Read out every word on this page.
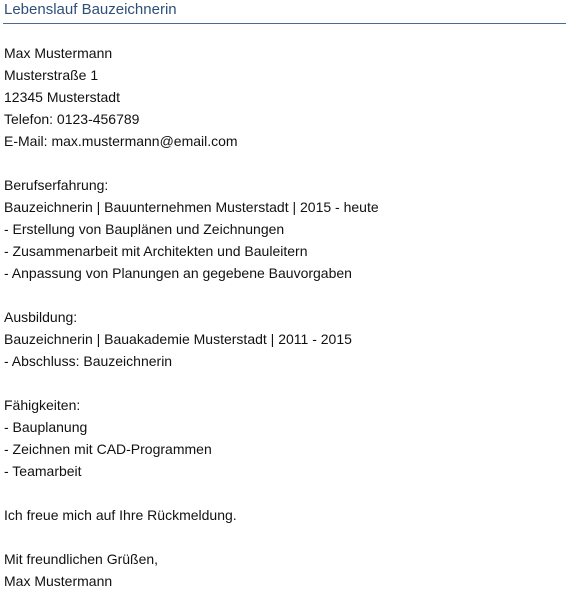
Lebenslauf Bauzeichnerin
Max Mustermann
Musterstraße 1
12345 Musterstadt
Telefon: 0123-456789
E-Mail: max.mustermann@email.com
Berufserfahrung:
Bauzeichnerin | Bauunternehmen Musterstadt | 2015 - heute
- Erstellung von Bauplänen und Zeichnungen
- Zusammenarbeit mit Architekten und Bauleitern
- Anpassung von Planungen an gegebene Bauvorgaben
Ausbildung:
Bauzeichnerin | Bauakademie Musterstadt | 2011 - 2015
- Abschluss: Bauzeichnerin
Fähigkeiten:
- Bauplanung
- Zeichnen mit CAD-Programmen
- Teamarbeit
Ich freue mich auf Ihre Rückmeldung.
Mit freundlichen Grüßen,
Max Mustermann
